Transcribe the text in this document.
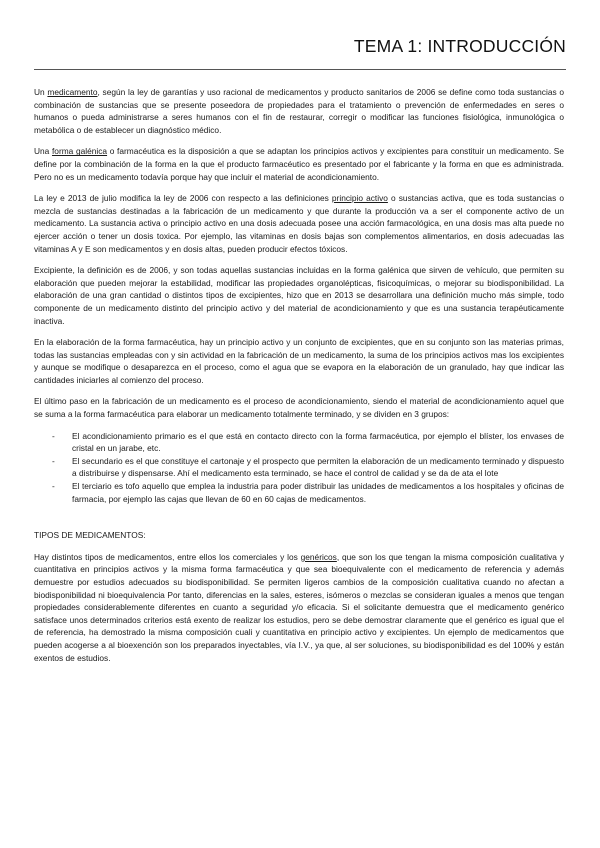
TEMA 1: INTRODUCCIÓN

Un medicamento, según la ley de garantías y uso racional de medicamentos y producto sanitarios de 2006 se define como toda sustancias o combinación de sustancias que se presente poseedora de propiedades para el tratamiento o prevención de enfermedades en seres o humanos o pueda administrarse a seres humanos con el fin de restaurar, corregir o modificar las funciones fisiológica, inmunológica o metabólica o de establecer un diagnóstico médico.

Una forma galénica o farmacéutica es la disposición a que se adaptan los principios activos y excipientes para constituir un medicamento. Se define por la combinación de la forma en la que el producto farmacéutico es presentado por el fabricante y la forma en que es administrada. Pero no es un medicamento todavía porque hay que incluir el material de acondicionamiento.

La ley e 2013 de julio modifica la ley de 2006 con respecto a las definiciones principio activo o sustancias activa, que es toda sustancias o mezcla de sustancias destinadas a la fabricación de un medicamento y que durante la producción va a ser el componente activo de un medicamento. La sustancia activa o principio activo en una dosis adecuada posee una acción farmacológica, en una dosis mas alta puede no ejercer acción o tener un dosis toxica. Por ejemplo, las vitaminas en dosis bajas son complementos alimentarios, en dosis adecuadas las vitaminas A y E son medicamentos y en dosis altas, pueden producir efectos tóxicos.

Excipiente, la definición es de 2006, y son todas aquellas sustancias incluidas en la forma galénica que sirven de vehículo, que permiten su elaboración que pueden mejorar la estabilidad, modificar las propiedades organolépticas, fisicoquímicas, o mejorar su biodisponibilidad. La elaboración de una gran cantidad o distintos tipos de excipientes, hizo que en 2013 se desarrollara una definición mucho más simple, todo componente de un medicamento distinto del principio activo y del material de acondicionamiento y que es una sustancia terapéuticamente inactiva.

En la elaboración de la forma farmacéutica, hay un principio activo y un conjunto de excipientes, que en su conjunto son las materias primas, todas las sustancias empleadas con y sin actividad en la fabricación de un medicamento, la suma de los principios activos mas los excipientes y aunque se modifique o desaparezca en el proceso, como el agua que se evapora en la elaboración de un granulado, hay que indicar las cantidades iniciarles al comienzo del proceso.

El último paso en la fabricación de un medicamento es el proceso de acondicionamiento, siendo el material de acondicionamiento aquel que se suma a la forma farmacéutica para elaborar un medicamento totalmente terminado, y se dividen en 3 grupos:

- El acondicionamiento primario es el que está en contacto directo con la forma farmacéutica, por ejemplo el blíster, los envases de cristal en un jarabe, etc.
- El secundario es el que constituye el cartonaje y el prospecto que permiten la elaboración de un medicamento terminado y dispuesto a distribuirse y dispensarse. Ahí el medicamento esta terminado, se hace el control de calidad y se da de ata el lote
- El terciario es tofo aquello que emplea la industria para poder distribuir las unidades de medicamentos a los hospitales y oficinas de farmacia, por ejemplo las cajas que llevan de 60 en 60 cajas de medicamentos.

TIPOS DE MEDICAMENTOS:

Hay distintos tipos de medicamentos, entre ellos los comerciales y los genéricos, que son los que tengan la misma composición cualitativa y cuantitativa en principios activos y la misma forma farmacéutica y que sea bioequivalente con el medicamento de referencia y además demuestre por estudios adecuados su biodisponibilidad. Se permiten ligeros cambios de la composición cualitativa cuando no afectan a biodisponibilidad ni bioequivalencia Por tanto, diferencias en la sales, esteres, isómeros o mezclas se consideran iguales a menos que tengan propiedades considerablemente diferentes en cuanto a seguridad y/o eficacia. Si el solicitante demuestra que el medicamento genérico satisface unos determinados criterios está exento de realizar los estudios, pero se debe demostrar claramente que el genérico es igual que el de referencia, ha demostrado la misma composición cuali y cuantitativa en principio activo y excipientes. Un ejemplo de medicamentos que pueden acogerse a al bioexención son los preparados inyectables, vía I.V., ya que, al ser soluciones, su biodisponibilidad es del 100% y están exentos de estudios.
